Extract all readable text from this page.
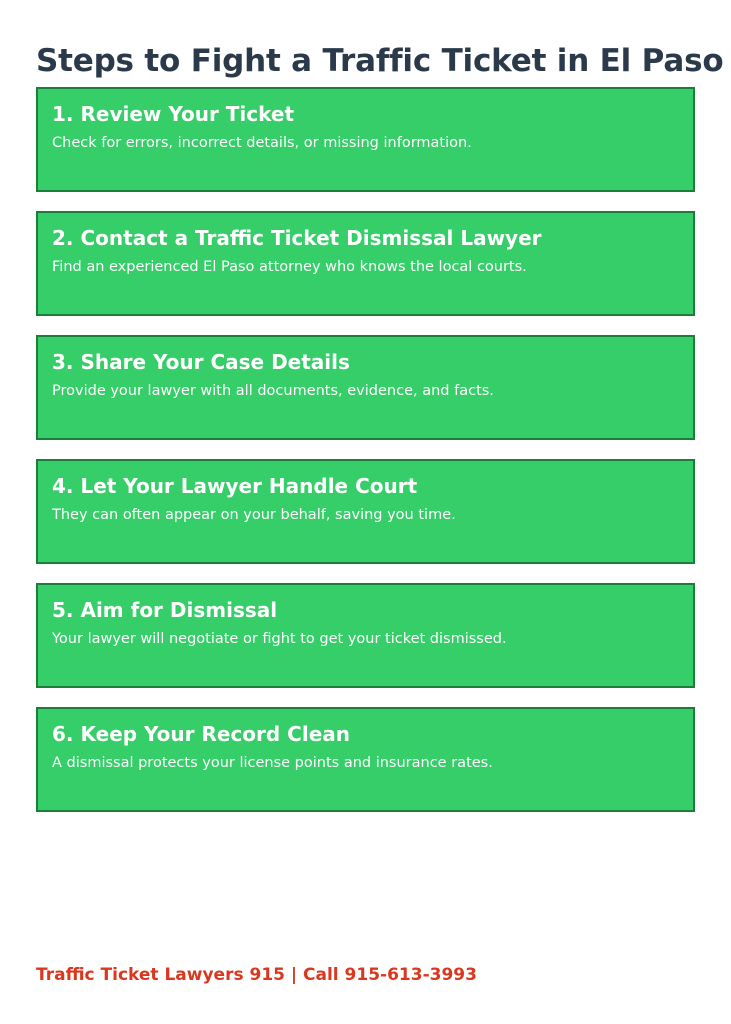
Steps to Fight a Traffic Ticket in El Paso
1. Review Your Ticket
Check for errors, incorrect details, or missing information.
2. Contact a Traffic Ticket Dismissal Lawyer
Find an experienced El Paso attorney who knows the local courts.
3. Share Your Case Details
Provide your lawyer with all documents, evidence, and facts.
4. Let Your Lawyer Handle Court
They can often appear on your behalf, saving you time.
5. Aim for Dismissal
Your lawyer will negotiate or fight to get your ticket dismissed.
6. Keep Your Record Clean
A dismissal protects your license points and insurance rates.
Traffic Ticket Lawyers 915 | Call 915-613-3993
